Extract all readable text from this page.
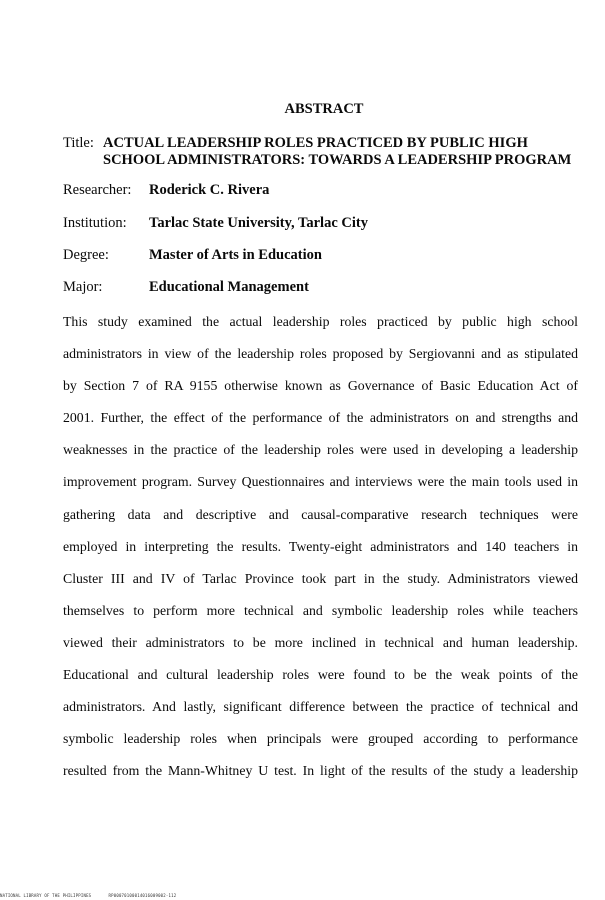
ABSTRACT
Title: ACTUAL LEADERSHIP ROLES PRACTICED BY PUBLIC HIGH
SCHOOL ADMINISTRATORS: TOWARDS A LEADERSHIP PROGRAM
Researcher: Roderick C. Rivera
Institution: Tarlac State University, Tarlac City
Degree:	Master of Arts in Education
Major:	Educational Management
This study examined the actual leadership roles practiced by public high school
administrators in view of the leadership roles proposed by Sergiovanni and as stipulated
by Section 7 of RA 9155 otherwise known as Governance of Basic Education Act of
2001. Further, the effect of the performance of the administrators on and strengths and
weaknesses in the practice of the leadership roles were used in developing a leadership
improvement program. Survey Questionnaires and interviews were the main tools used in
gathering data and descriptive and causal-comparative research techniques were
employed in interpreting the results. Twenty-eight administrators and 140 teachers in
Cluster III and IV of Tarlac Province took part in the study. Administrators viewed
themselves to perform more technical and symbolic leadership roles while teachers
viewed their administrators to be more inclined in technical and human leadership.
Educational and cultural leadership roles were found to be the weak points of the
administrators. And lastly, significant difference between the practice of technical and
symbolic leadership roles when principals were grouped according to performance
resulted from the Mann-Whitney U test. In light of the results of the study a leadership
NATIONAL LIBRARY OF THE PHILIPPINES	RP00070100014016009002-112
